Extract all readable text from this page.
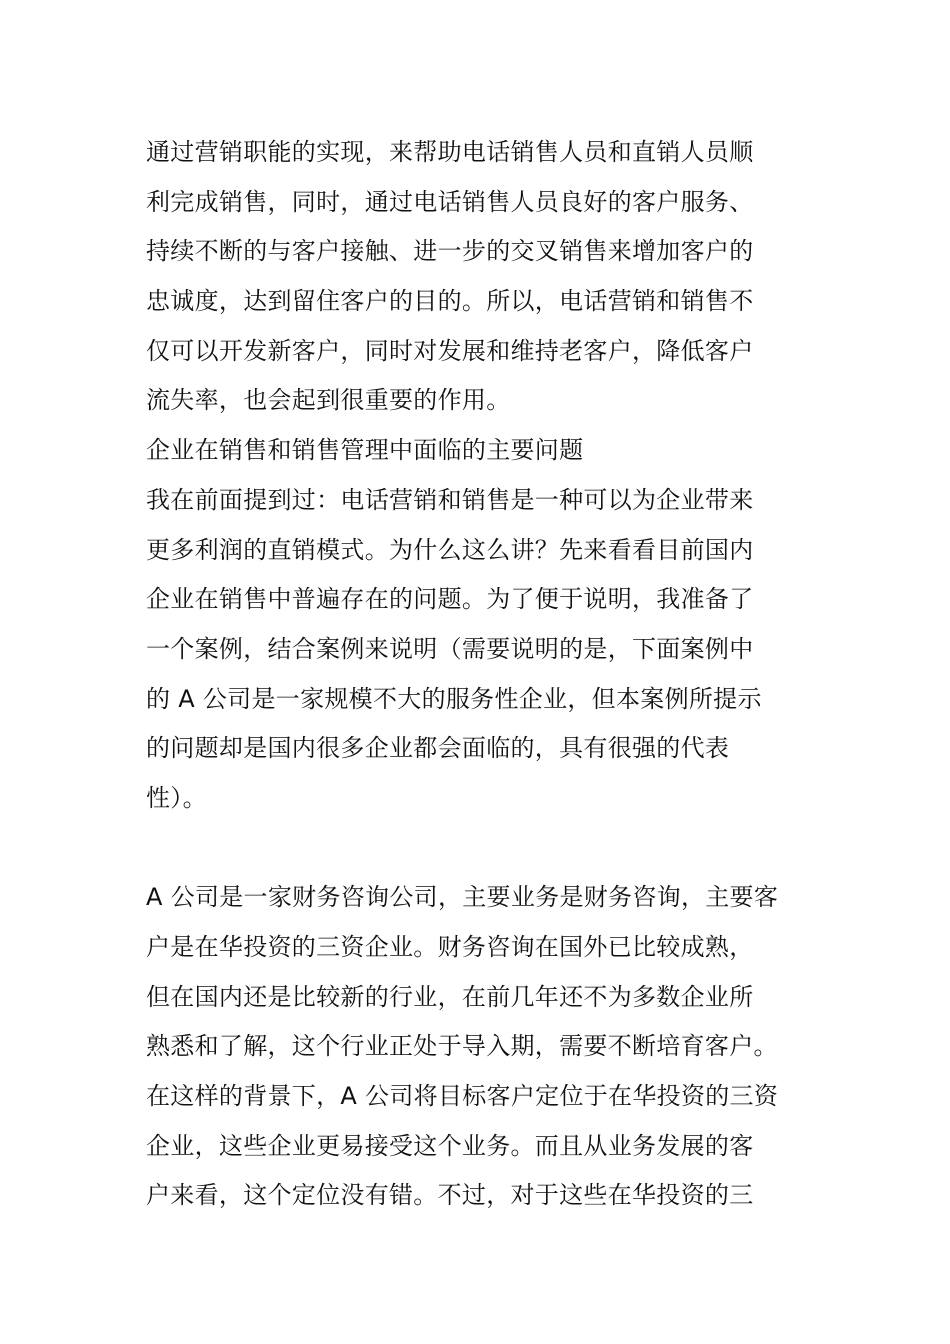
通过营销职能的实现，来帮助电话销售人员和直销人员顺
利完成销售，同时，通过电话销售人员良好的客户服务、
持续不断的与客户接触、进一步的交叉销售来增加客户的
忠诚度，达到留住客户的目的。所以，电话营销和销售不
仅可以开发新客户，同时对发展和维持老客户，降低客户
流失率，也会起到很重要的作用。
企业在销售和销售管理中面临的主要问题
我在前面提到过：电话营销和销售是一种可以为企业带来
更多利润的直销模式。为什么这么讲？先来看看目前国内
企业在销售中普遍存在的问题。为了便于说明，我准备了
一个案例，结合案例来说明（需要说明的是，下面案例中
的 A 公司是一家规模不大的服务性企业，但本案例所提示
的问题却是国内很多企业都会面临的，具有很强的代表
性）。
A 公司是一家财务咨询公司，主要业务是财务咨询，主要客
户是在华投资的三资企业。财务咨询在国外已比较成熟，
但在国内还是比较新的行业，在前几年还不为多数企业所
熟悉和了解，这个行业正处于导入期，需要不断培育客户。
在这样的背景下，A 公司将目标客户定位于在华投资的三资
企业，这些企业更易接受这个业务。而且从业务发展的客
户来看，这个定位没有错。不过，对于这些在华投资的三
